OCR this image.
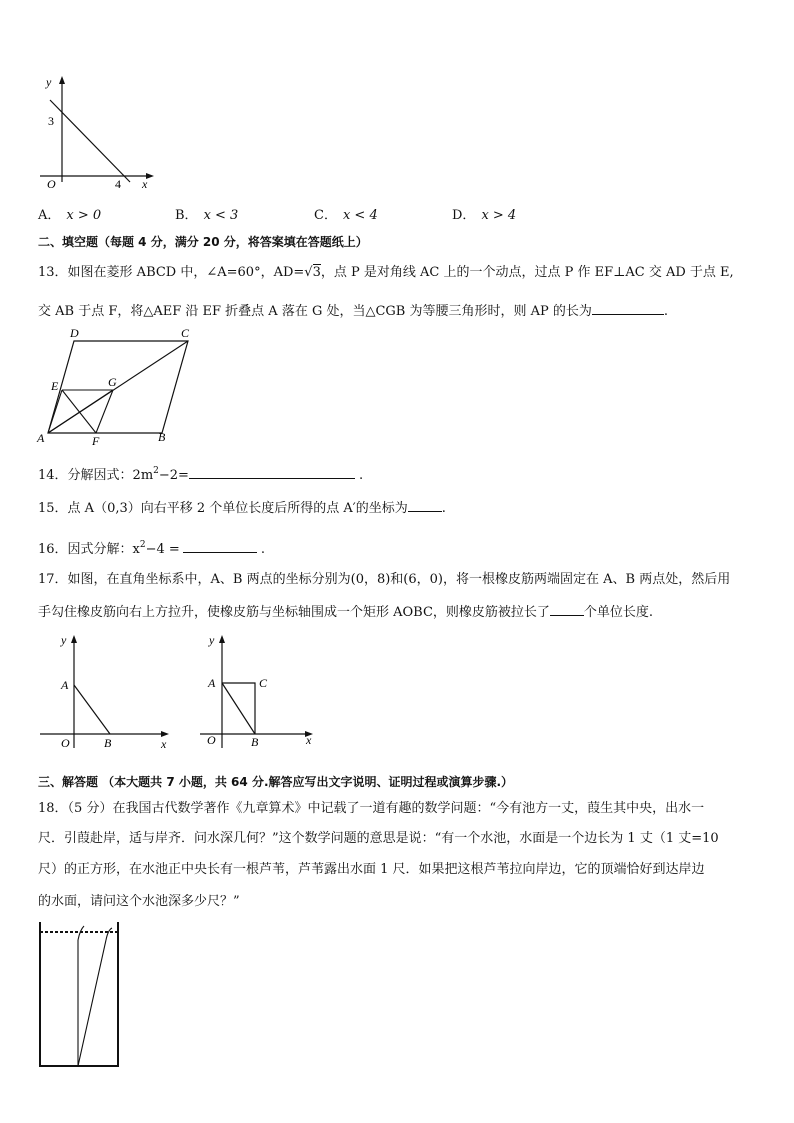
y
3
O	4 x
A． x > 0	B． x < 3	C． x < 4	D． x > 4
二、填空题（每题 4 分，满分 20 分，将答案填在答题纸上）
13．如图在菱形 ABCD 中，∠A=60°，AD=√3，点 P 是对角线 AC 上的一个动点，过点 P 作 EF⊥AC 交 AD 于点 E,
交 AB 于点 F，将△AEF 沿 EF 折叠点 A 落在 G 处，当△CGB 为等腰三角形时，则 AP 的长为	.
D	C
E	G
A	F	B
14．分解因式：$2m^2-2=$	.
15．点 A（0,3）向右平移 2 个单位长度后所得的点 A′的坐标为	.
16．因式分解：$x^2-4$ =	.
17．如图，在直角坐标系中，A、B 两点的坐标分别为(0，8)和(6，0)，将一根橡皮筋两端固定在 A、B 两点处，然后用
手勾住橡皮筋向右上方拉升，使橡皮筋与坐标轴围成一个矩形 AOBC，则橡皮筋被拉长了	个单位长度.
y
A
O	B	x
y
A	C
O	B	x
三、解答题 （本大题共 7 小题，共 64 分.解答应写出文字说明、证明过程或演算步骤.）
18．（5 分）在我国古代数学著作《九章算术》中记载了一道有趣的数学问题：“今有池方一丈，葭生其中央，出水一
尺．引葭赴岸，适与岸齐．问水深几何？”这个数学问题的意思是说：“有一个水池，水面是一个边长为 1 丈（1 丈=10
尺）的正方形，在水池正中央长有一根芦苇，芦苇露出水面 1 尺．如果把这根芦苇拉向岸边，它的顶端恰好到达岸边
的水面，请问这个水池深多少尺？”
